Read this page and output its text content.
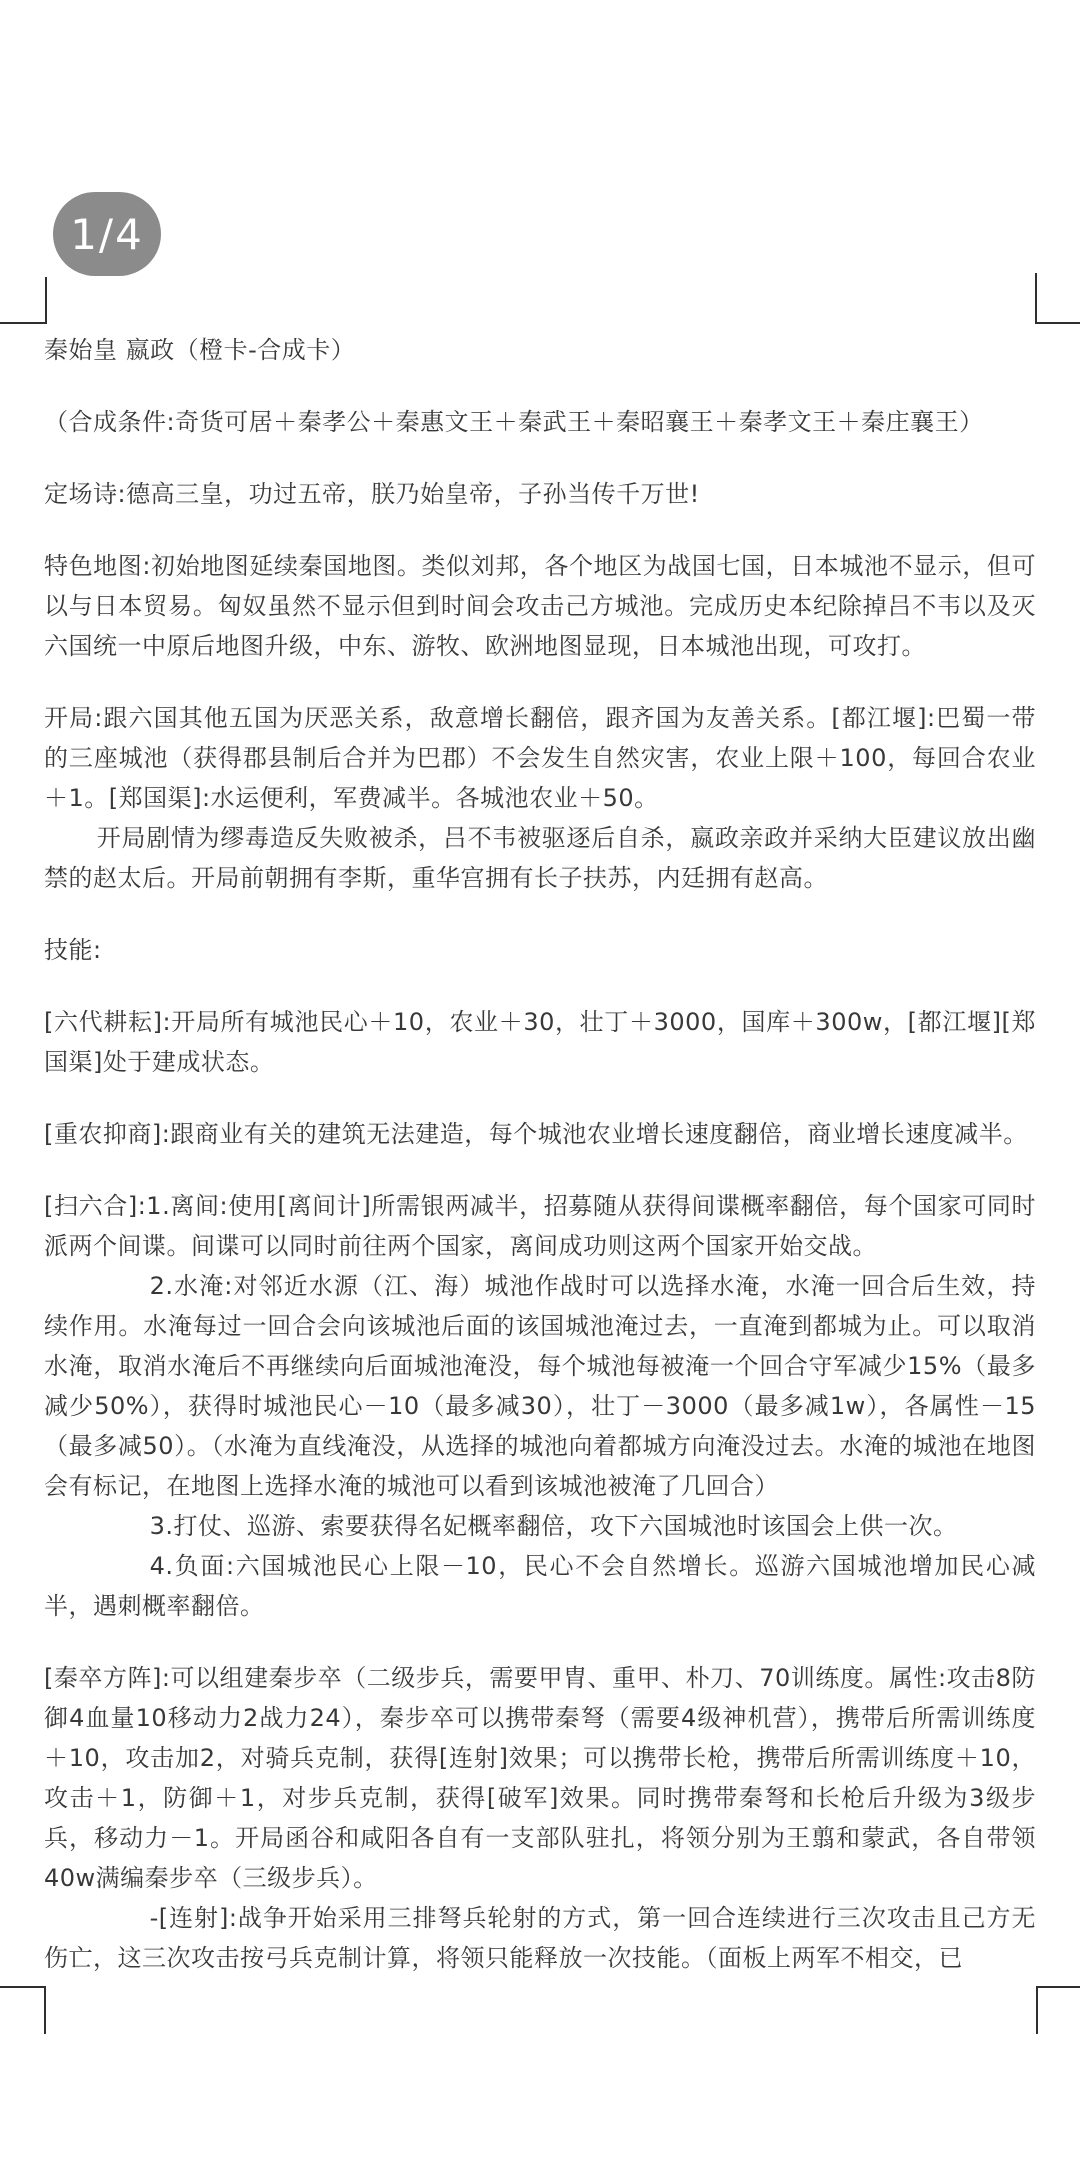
1/4

秦始皇 嬴政（橙卡-合成卡）

（合成条件:奇货可居＋秦孝公＋秦惠文王＋秦武王＋秦昭襄王＋秦孝文王＋秦庄襄王）

定场诗:德高三皇，功过五帝，朕乃始皇帝，子孙当传千万世!

特色地图:初始地图延续秦国地图。类似刘邦，各个地区为战国七国，日本城池不显示，但可以与日本贸易。匈奴虽然不显示但到时间会攻击己方城池。完成历史本纪除掉吕不韦以及灭六国统一中原后地图升级，中东、游牧、欧洲地图显现，日本城池出现，可攻打。

开局:跟六国其他五国为厌恶关系，敌意增长翻倍，跟齐国为友善关系。[都江堰]:巴蜀一带的三座城池（获得郡县制后合并为巴郡）不会发生自然灾害，农业上限＋100，每回合农业＋1。[郑国渠]:水运便利，军费减半。各城池农业＋50。

开局剧情为缪毒造反失败被杀，吕不韦被驱逐后自杀，嬴政亲政并采纳大臣建议放出幽禁的赵太后。开局前朝拥有李斯，重华宫拥有长子扶苏，内廷拥有赵高。

技能:

[六代耕耘]:开局所有城池民心＋10，农业＋30，壮丁＋3000，国库＋300w，[都江堰][郑国渠]处于建成状态。

[重农抑商]:跟商业有关的建筑无法建造，每个城池农业增长速度翻倍，商业增长速度减半。

[扫六合]:1.离间:使用[离间计]所需银两减半，招募随从获得间谍概率翻倍，每个国家可同时派两个间谍。间谍可以同时前往两个国家，离间成功则这两个国家开始交战。

2.水淹:对邻近水源（江、海）城池作战时可以选择水淹，水淹一回合后生效，持续作用。水淹每过一回合会向该城池后面的该国城池淹过去，一直淹到都城为止。可以取消水淹，取消水淹后不再继续向后面城池淹没，每个城池每被淹一个回合守军减少15%（最多减少50%），获得时城池民心－10（最多减30），壮丁－3000（最多减1w），各属性－15（最多减50）。（水淹为直线淹没，从选择的城池向着都城方向淹没过去。水淹的城池在地图会有标记，在地图上选择水淹的城池可以看到该城池被淹了几回合）

3.打仗、巡游、索要获得名妃概率翻倍，攻下六国城池时该国会上供一次。

4.负面:六国城池民心上限－10，民心不会自然增长。巡游六国城池增加民心减半，遇刺概率翻倍。

[秦卒方阵]:可以组建秦步卒（二级步兵，需要甲胄、重甲、朴刀、70训练度。属性:攻击8防御4血量10移动力2战力24），秦步卒可以携带秦弩（需要4级神机营），携带后所需训练度＋10，攻击加2，对骑兵克制，获得[连射]效果；可以携带长枪，携带后所需训练度＋10，攻击＋1，防御＋1，对步兵克制，获得[破军]效果。同时携带秦弩和长枪后升级为3级步兵，移动力－1。开局函谷和咸阳各自有一支部队驻扎，将领分别为王翦和蒙武，各自带领40w满编秦步卒（三级步兵）。

-[连射]:战争开始采用三排弩兵轮射的方式，第一回合连续进行三次攻击且己方无伤亡，这三次攻击按弓兵克制计算，将领只能释放一次技能。（面板上两军不相交，已
